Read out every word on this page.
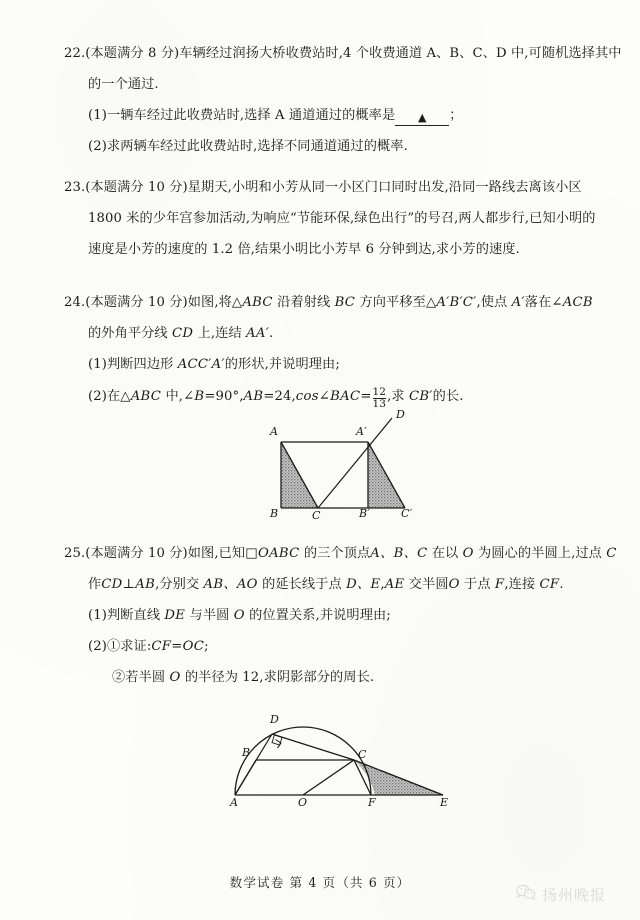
22.(本题满分 8 分)车辆经过润扬大桥收费站时,4 个收费通道 A、B、C、D 中,可随机选择其中
的一个通过.
(1)一辆车经过此收费站时,选择 A 通道通过的概率是 ▲ ；
(2)求两辆车经过此收费站时,选择不同通道通过的概率.
23.(本题满分 10 分)星期天,小明和小芳从同一小区门口同时出发,沿同一路线去离该小区
1800 米的少年宫参加活动,为响应“节能环保,绿色出行”的号召,两人都步行,已知小明的
速度是小芳的速度的 1.2 倍,结果小明比小芳早 6 分钟到达,求小芳的速度.
24.(本题满分 10 分)如图,将△ABC 沿着射线 BC 方向平移至△A′B′C′,使点 A′落在∠ACB
的外角平分线 CD 上,连结 AA′.
(1)判断四边形 ACC′A′的形状,并说明理由;
(2)在△ABC 中$,\angle B=90^\circ,AB=24,\cos\angle BAC=\frac{12}{13}$ ,求 CB′的长.
A	A′
D
B	C	B′	C′
25.(本题满分 10 分)如图,已知□OABC 的三个顶点A、B、C 在以 O 为圆心的半圆上,过点 C
作CD⊥AB,分别交 AB、AO 的延长线于点 D、E,AE 交半圆O 于点 F,连接 CF.
(1)判断直线 DE 与半圆 O 的位置关系,并说明理由;
(2)①求证:CF=OC;
②若半圆 O 的半径为 12,求阴影部分的周长.
D
B	C
A	O	F	E
数学试卷 第 4 页（共 6 页）
扬州晚报
